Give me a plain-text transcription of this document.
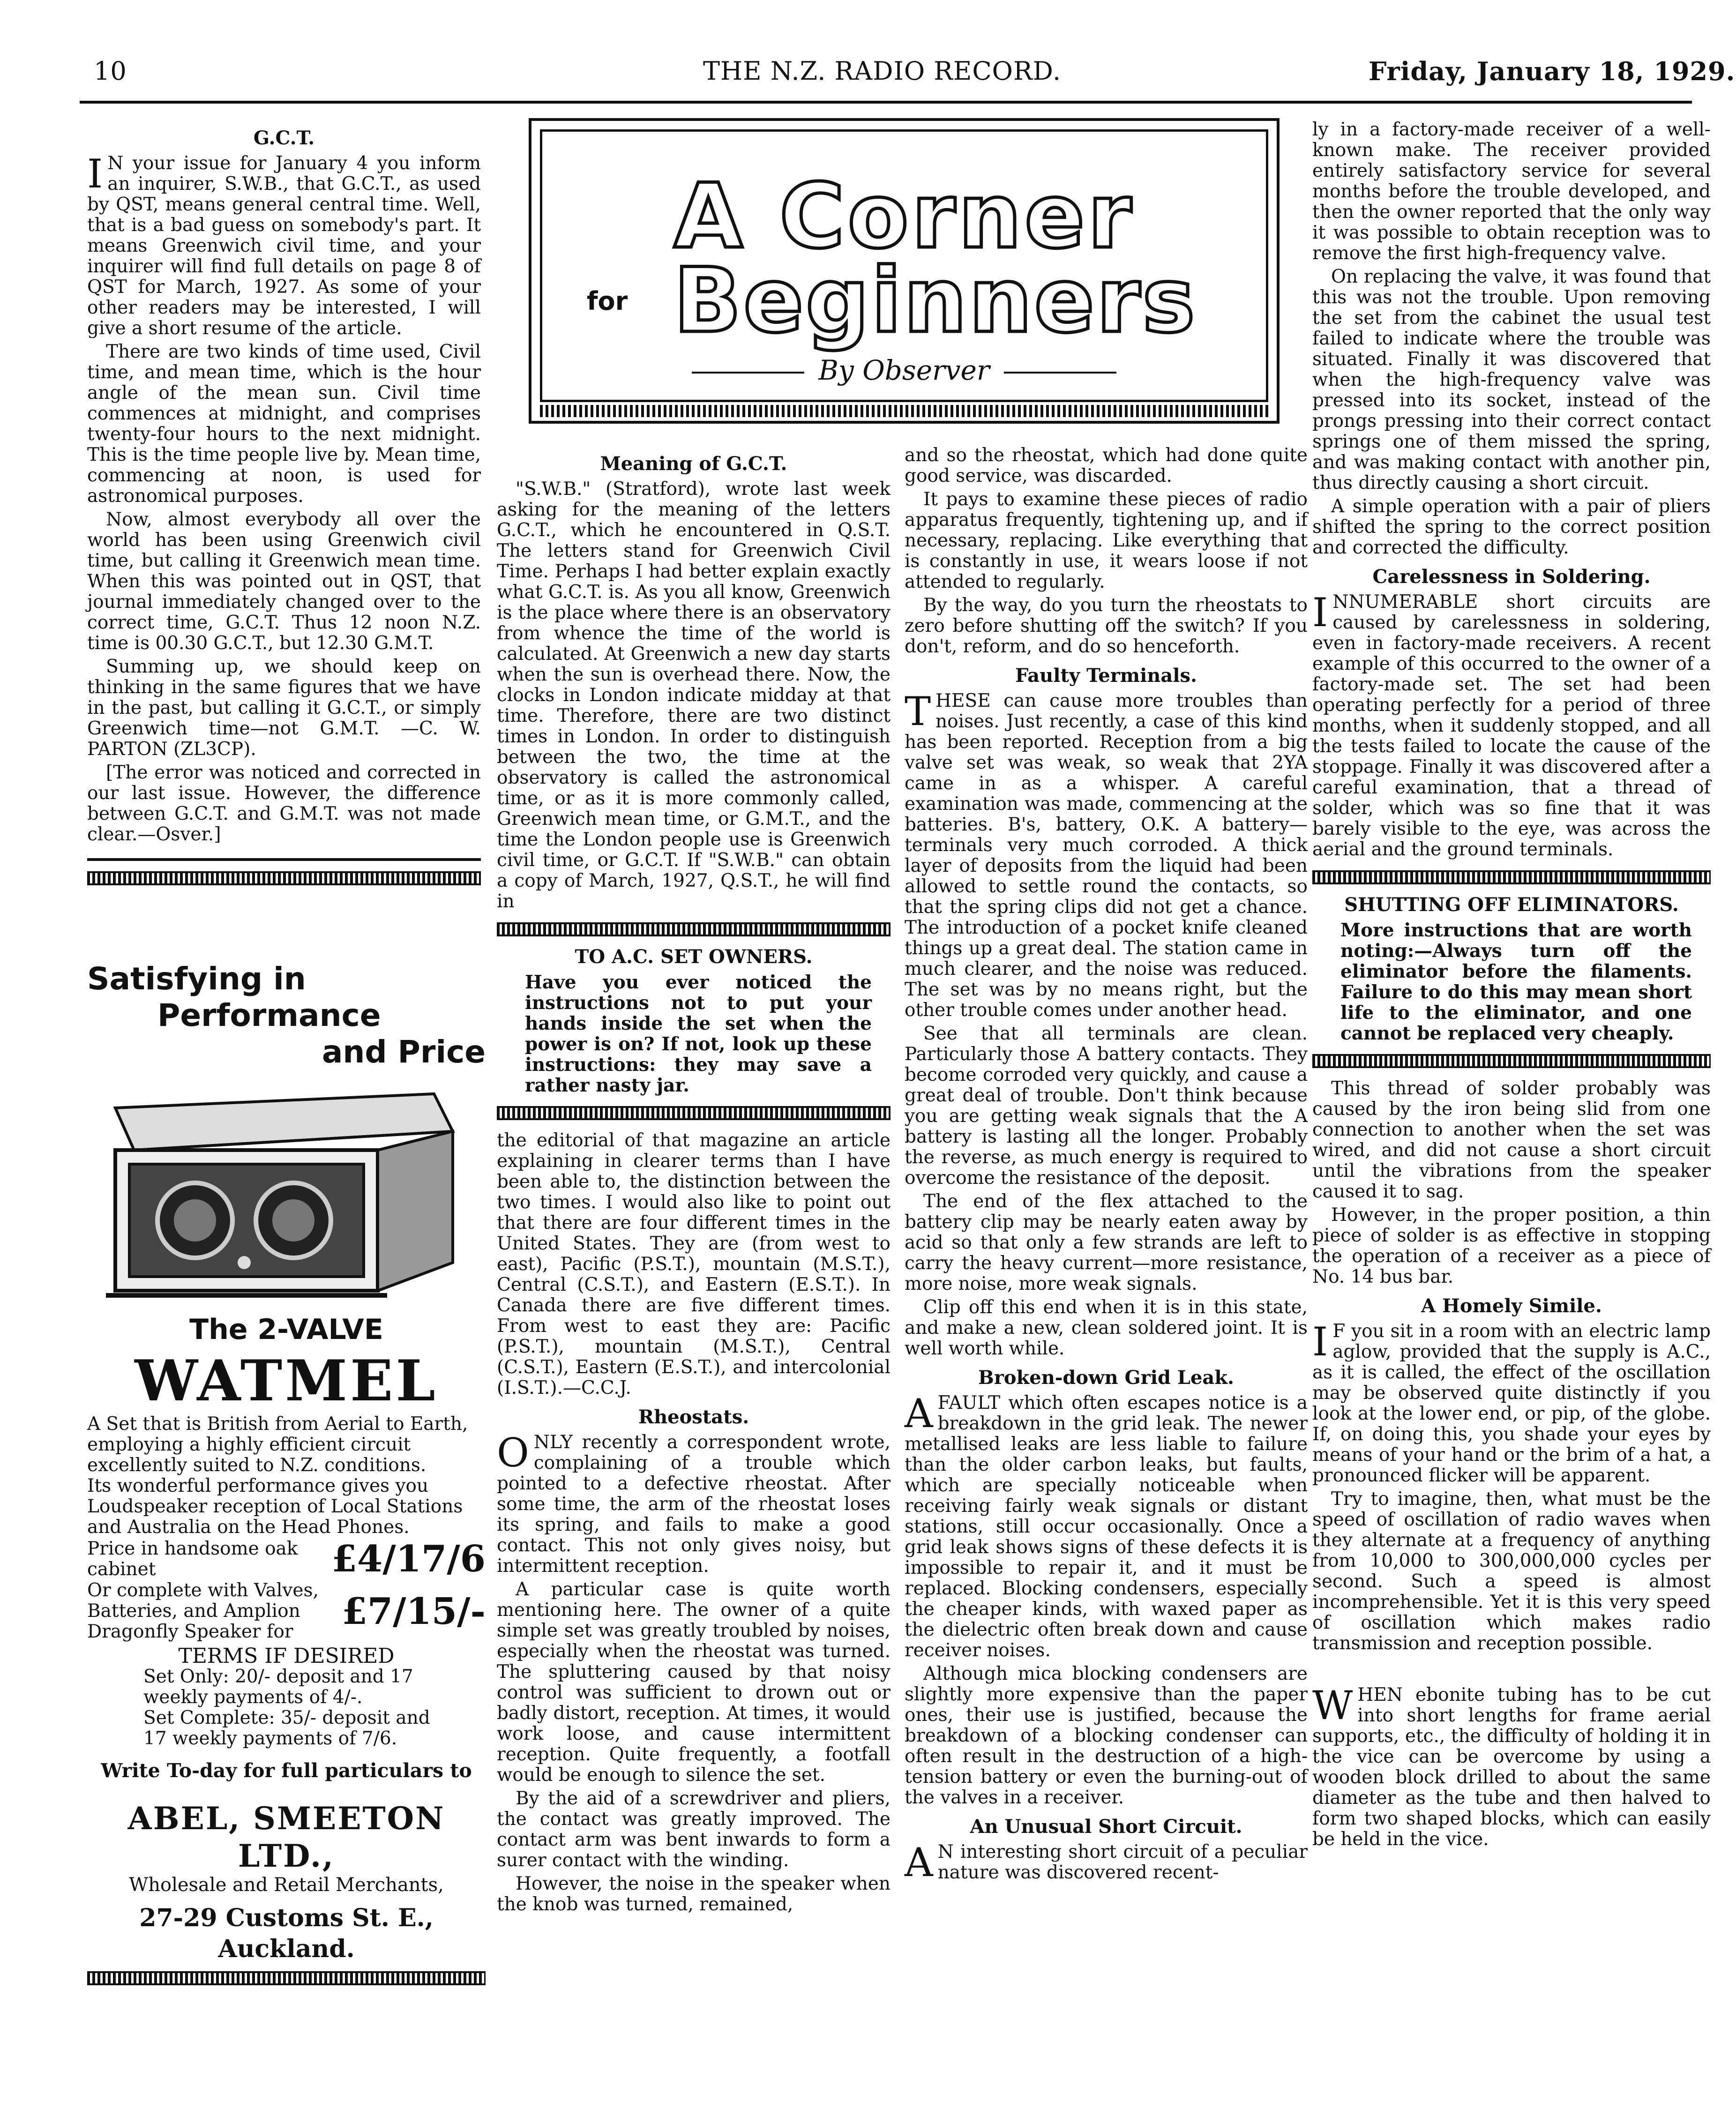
10	THE N.Z. RADIO RECORD.	Friday, January 18, 1929.
G.C.T.

I N your issue for January 4 you inform an inquirer, S.W.B., that G.C.T., as used by QST, means general central time. Well, that is a bad guess on somebody's part. It means Greenwich civil time, and your inquirer will find full details on page 8 of QST for March, 1927. As some of your other readers may be interested, I will give a short resume of the article.

There are two kinds of time used, Civil time, and mean time, which is the hour angle of the mean sun. Civil time commences at midnight, and comprises twenty-four hours to the next midnight. This is the time people live by. Mean time, commencing at noon, is used for astronomical purposes.

Now, almost everybody all over the world has been using Greenwich civil time, but calling it Greenwich mean time. When this was pointed out in QST, that journal immediately changed over to the correct time, G.C.T. Thus 12 noon N.Z. time is 00.30 G.C.T., but 12.30 G.M.T.

Summing up, we should keep on thinking in the same figures that we have in the past, but calling it G.C.T., or simply Greenwich time—not G.M.T. —C. W. PARTON (ZL3CP).

[The error was noticed and corrected in our last issue. However, the difference between G.C.T. and G.M.T. was not made clear.—Osver.]

Satisfying in
Performance
and Price
The 2-VALVE
WATMEL

A Set that is British from Aerial to Earth, employing a highly efficient circuit excellently suited to N.Z. conditions.

Its wonderful performance gives you Loudspeaker reception of Local Stations and Australia on the Head Phones.

Price in handsome oak cabinet	£4/17/6

Or complete with Valves, Batteries, and Amplion Dragonfly Speaker for	£7/15/-

TERMS IF DESIRED

Set Only: 20/- deposit and 17 weekly payments of 4/-.

Set Complete: 35/- deposit and 17 weekly payments of 7/6.

Write To-day for full particulars to

ABEL, SMEETON LTD.,

Wholesale and Retail Merchants,

27-29 Customs St. E., Auckland.

A Corner
for Beginners
By Observer
Meaning of G.C.T.

"S.W.B." (Stratford), wrote last week asking for the meaning of the letters G.C.T., which he encountered in Q.S.T. The letters stand for Greenwich Civil Time. Perhaps I had better explain exactly what G.C.T. is. As you all know, Greenwich is the place where there is an observatory from whence the time of the world is calculated. At Greenwich a new day starts when the sun is overhead there. Now, the clocks in London indicate midday at that time. Therefore, there are two distinct times in London. In order to distinguish between the two, the time at the observatory is called the astronomical time, or as it is more commonly called, Greenwich mean time, or G.M.T., and the time the London people use is Greenwich civil time, or G.C.T. If "S.W.B." can obtain a copy of March, 1927, Q.S.T., he will find in

TO A.C. SET OWNERS.

Have you ever noticed the instructions not to put your hands inside the set when the power is on? If not, look up these instructions: they may save a rather nasty jar.

the editorial of that magazine an article explaining in clearer terms than I have been able to, the distinction between the two times. I would also like to point out that there are four different times in the United States. They are (from west to east), Pacific (P.S.T.), mountain (M.S.T.), Central (C.S.T.), and Eastern (E.S.T.). In Canada there are five different times. From west to east they are: Pacific (P.S.T.), mountain (M.S.T.), Central (C.S.T.), Eastern (E.S.T.), and intercolonial (I.S.T.).—C.C.J.

Rheostats.

ONLY recently a correspondent wrote, complaining of a trouble which pointed to a defective rheostat. After some time, the arm of the rheostat loses its spring, and fails to make a good contact. This not only gives noisy, but intermittent reception.

A particular case is quite worth mentioning here. The owner of a quite simple set was greatly troubled by noises, especially when the rheostat was turned. The spluttering caused by that noisy control was sufficient to drown out or badly distort, reception. At times, it would work loose, and cause intermittent reception. Quite frequently, a footfall would be enough to silence the set.

By the aid of a screwdriver and pliers, the contact was greatly improved. The contact arm was bent inwards to form a surer contact with the winding.

However, the noise in the speaker when the knob was turned, remained,

and so the rheostat, which had done quite good service, was discarded.

It pays to examine these pieces of radio apparatus frequently, tightening up, and if necessary, replacing. Like everything that is constantly in use, it wears loose if not attended to regularly.

By the way, do you turn the rheostats to zero before shutting off the switch? If you don't, reform, and do so henceforth.

Faulty Terminals.

THESE can cause more troubles than noises. Just recently, a case of this kind has been reported. Reception from a big valve set was weak, so weak that 2YA came in as a whisper. A careful examination was made, commencing at the batteries. B's, battery, O.K. A battery—terminals very much corroded. A thick layer of deposits from the liquid had been allowed to settle round the contacts, so that the spring clips did not get a chance. The introduction of a pocket knife cleaned things up a great deal. The station came in much clearer, and the noise was reduced. The set was by no means right, but the other trouble comes under another head.

See that all terminals are clean. Particularly those A battery contacts. They become corroded very quickly, and cause a great deal of trouble. Don't think because you are getting weak signals that the A battery is lasting all the longer. Probably the reverse, as much energy is required to overcome the resistance of the deposit.

The end of the flex attached to the battery clip may be nearly eaten away by acid so that only a few strands are left to carry the heavy current—more resistance, more noise, more weak signals.

Clip off this end when it is in this state, and make a new, clean soldered joint. It is well worth while.

Broken-down Grid Leak.

AFAULT which often escapes notice is a breakdown in the grid leak. The newer metallised leaks are less liable to failure than the older carbon leaks, but faults, which are specially noticeable when receiving fairly weak signals or distant stations, still occur occasionally. Once a grid leak shows signs of these defects it is impossible to repair it, and it must be replaced. Blocking condensers, especially the cheaper kinds, with waxed paper as the dielectric often break down and cause receiver noises.

Although mica blocking condensers are slightly more expensive than the paper ones, their use is justified, because the breakdown of a blocking condenser can often result in the destruction of a high-tension battery or even the burning-out of the valves in a receiver.

An Unusual Short Circuit.

A N interesting short circuit of a peculiar nature was discovered recent-

ly in a factory-made receiver of a well-known make. The receiver provided entirely satisfactory service for several months before the trouble developed, and then the owner reported that the only way it was possible to obtain reception was to remove the first high-frequency valve.

On replacing the valve, it was found that this was not the trouble. Upon removing the set from the cabinet the usual test failed to indicate where the trouble was situated. Finally it was discovered that when the high-frequency valve was pressed into its socket, instead of the prongs pressing into their correct contact springs one of them missed the spring, and was making contact with another pin, thus directly causing a short circuit.

A simple operation with a pair of pliers shifted the spring to the correct position and corrected the difficulty.

Carelessness in Soldering.

INNUMERABLE short circuits are caused by carelessness in soldering, even in factory-made receivers. A recent example of this occurred to the owner of a factory-made set. The set had been operating perfectly for a period of three months, when it suddenly stopped, and all the tests failed to locate the cause of the stoppage. Finally it was discovered after a careful examination, that a thread of solder, which was so fine that it was barely visible to the eye, was across the aerial and the ground terminals.

SHUTTING OFF ELIMINATORS.

More instructions that are worth noting:—Always turn off the eliminator before the filaments. Failure to do this may mean short life to the eliminator, and one cannot be replaced very cheaply.

This thread of solder probably was caused by the iron being slid from one connection to another when the set was wired, and did not cause a short circuit until the vibrations from the speaker caused it to sag.

However, in the proper position, a thin piece of solder is as effective in stopping the operation of a receiver as a piece of No. 14 bus bar.

A Homely Simile.

I F you sit in a room with an electric lamp aglow, provided that the supply is A.C., as it is called, the effect of the oscillation may be observed quite distinctly if you look at the lower end, or pip, of the globe. If, on doing this, you shade your eyes by means of your hand or the brim of a hat, a pronounced flicker will be apparent.

Try to imagine, then, what must be the speed of oscillation of radio waves when they alternate at a frequency of anything from 10,000 to 300,000,000 cycles per second. Such a speed is almost incomprehensible. Yet it is this very speed of oscillation which makes radio transmission and reception possible.

WHEN ebonite tubing has to be cut into short lengths for frame aerial supports, etc., the difficulty of holding it in the vice can be overcome by using a wooden block drilled to about the same diameter as the tube and then halved to form two shaped blocks, which can easily be held in the vice.
